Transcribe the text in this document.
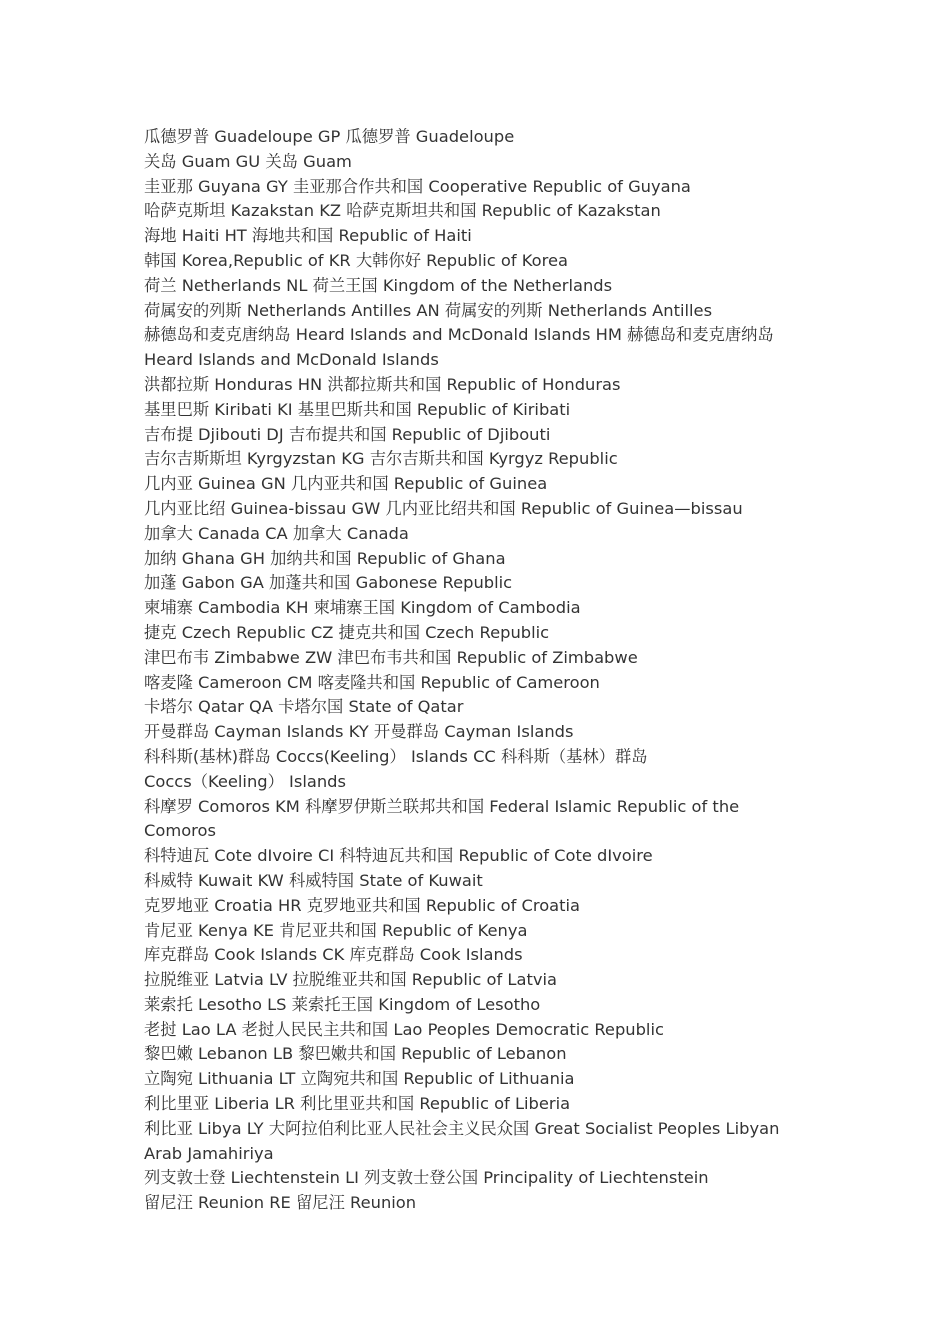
瓜德罗普 Guadeloupe GP 瓜德罗普 Guadeloupe

关岛 Guam GU 关岛 Guam

圭亚那 Guyana GY 圭亚那合作共和国 Cooperative Republic of Guyana

哈萨克斯坦 Kazakstan KZ 哈萨克斯坦共和国 Republic of Kazakstan

海地 Haiti HT 海地共和国 Republic of Haiti

韩国 Korea,Republic of KR 大韩你好 Republic of Korea

荷兰 Netherlands NL 荷兰王国 Kingdom of the Netherlands

荷属安的列斯 Netherlands Antilles AN 荷属安的列斯 Netherlands Antilles

赫德岛和麦克唐纳岛 Heard Islands and McDonald Islands HM 赫德岛和麦克唐纳岛
Heard Islands and McDonald Islands

洪都拉斯 Honduras HN 洪都拉斯共和国 Republic of Honduras

基里巴斯 Kiribati KI 基里巴斯共和国 Republic of Kiribati

吉布提 Djibouti DJ 吉布提共和国 Republic of Djibouti

吉尔吉斯斯坦 Kyrgyzstan KG 吉尔吉斯共和国 Kyrgyz Republic

几内亚 Guinea GN 几内亚共和国 Republic of Guinea

几内亚比绍 Guinea-bissau GW 几内亚比绍共和国 Republic of Guinea—bissau

加拿大 Canada CA 加拿大 Canada

加纳 Ghana GH 加纳共和国 Republic of Ghana

加蓬 Gabon GA 加蓬共和国 Gabonese Republic

柬埔寨 Cambodia KH 柬埔寨王国 Kingdom of Cambodia

捷克 Czech Republic CZ 捷克共和国 Czech Republic

津巴布韦 Zimbabwe ZW 津巴布韦共和国 Republic of Zimbabwe

喀麦隆 Cameroon CM 喀麦隆共和国 Republic of Cameroon

卡塔尔 Qatar QA 卡塔尔国 State of Qatar

开曼群岛 Cayman Islands KY 开曼群岛 Cayman Islands

科科斯(基林)群岛 Coccs(Keeling） Islands CC 科科斯（基林）群岛
Coccs（Keeling） Islands

科摩罗 Comoros KM 科摩罗伊斯兰联邦共和国 Federal Islamic Republic of the
Comoros

科特迪瓦 Cote dIvoire CI 科特迪瓦共和国 Republic of Cote dIvoire

科威特 Kuwait KW 科威特国 State of Kuwait

克罗地亚 Croatia HR 克罗地亚共和国 Republic of Croatia

肯尼亚 Kenya KE 肯尼亚共和国 Republic of Kenya

库克群岛 Cook Islands CK 库克群岛 Cook Islands

拉脱维亚 Latvia LV 拉脱维亚共和国 Republic of Latvia

莱索托 Lesotho LS 莱索托王国 Kingdom of Lesotho

老挝 Lao LA 老挝人民民主共和国 Lao Peoples Democratic Republic

黎巴嫩 Lebanon LB 黎巴嫩共和国 Republic of Lebanon

立陶宛 Lithuania LT 立陶宛共和国 Republic of Lithuania

利比里亚 Liberia LR 利比里亚共和国 Republic of Liberia

利比亚 Libya LY 大阿拉伯利比亚人民社会主义民众国 Great Socialist Peoples Libyan
Arab Jamahiriya

列支敦士登 Liechtenstein LI 列支敦士登公国 Principality of Liechtenstein

留尼汪 Reunion RE 留尼汪 Reunion
